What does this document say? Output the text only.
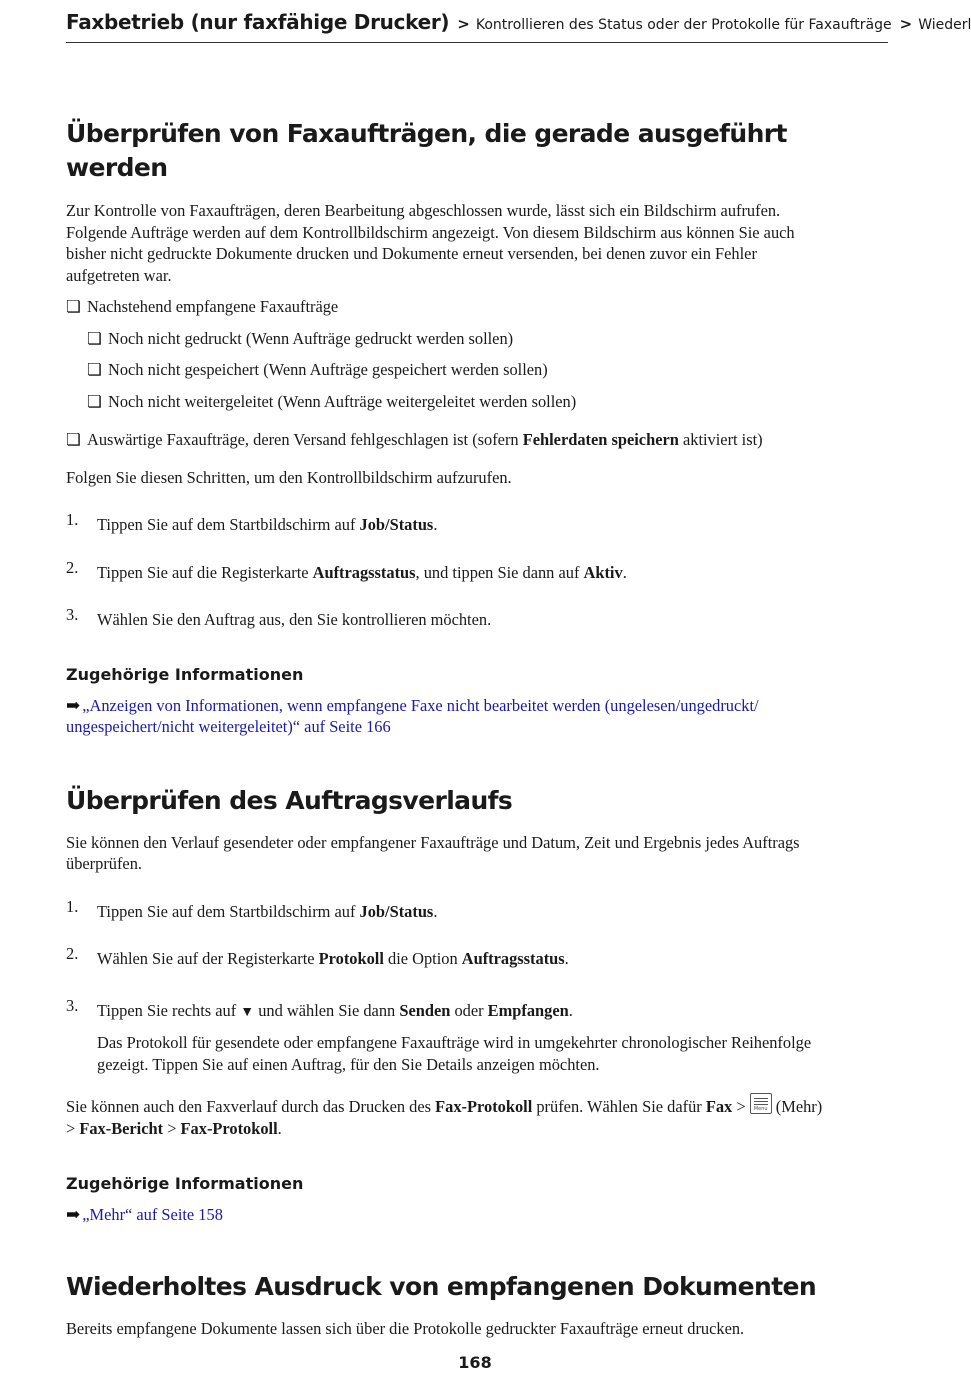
Faxbetrieb (nur faxfähige Drucker) > Kontrollieren des Status oder der Protokolle für Faxaufträge > Wiederl
Überprüfen von Faxaufträgen, die gerade ausgeführt werden

Zur Kontrolle von Faxaufträgen, deren Bearbeitung abgeschlossen wurde, lässt sich ein Bildschirm aufrufen.
Folgende Aufträge werden auf dem Kontrollbildschirm angezeigt. Von diesem Bildschirm aus können Sie auch
bisher nicht gedruckte Dokumente drucken und Dokumente erneut versenden, bei denen zuvor ein Fehler
aufgetreten war.

❏ Nachstehend empfangene Faxaufträge
❏ Noch nicht gedruckt (Wenn Aufträge gedruckt werden sollen)
❏ Noch nicht gespeichert (Wenn Aufträge gespeichert werden sollen)
❏ Noch nicht weitergeleitet (Wenn Aufträge weitergeleitet werden sollen)
❏ Auswärtige Faxaufträge, deren Versand fehlgeschlagen ist (sofern Fehlerdaten speichern aktiviert ist)

Folgen Sie diesen Schritten, um den Kontrollbildschirm aufzurufen.

1. Tippen Sie auf dem Startbildschirm auf Job/Status.
2. Tippen Sie auf die Registerkarte Auftragsstatus, und tippen Sie dann auf Aktiv.
3. Wählen Sie den Auftrag aus, den Sie kontrollieren möchten.
Zugehörige Informationen
➡ „Anzeigen von Informationen, wenn empfangene Faxe nicht bearbeitet werden (ungelesen/ungedruckt/
ungespeichert/nicht weitergeleitet)“ auf Seite 166
Überprüfen des Auftragsverlaufs

Sie können den Verlauf gesendeter oder empfangener Faxaufträge und Datum, Zeit und Ergebnis jedes Auftrags
überprüfen.

1. Tippen Sie auf dem Startbildschirm auf Job/Status.
2. Wählen Sie auf der Registerkarte Protokoll die Option Auftragsstatus.
3. Tippen Sie rechts auf ▼ und wählen Sie dann Senden oder Empfangen.

Das Protokoll für gesendete oder empfangene Faxaufträge wird in umgekehrter chronologischer Reihenfolge
gezeigt. Tippen Sie auf einen Auftrag, für den Sie Details anzeigen möchten.

Sie können auch den Faxverlauf durch das Drucken des Fax-Protokoll prüfen. Wählen Sie dafür Fax > Menu (Mehr)
> Fax-Bericht > Fax-Protokoll.

Zugehörige Informationen
➡ „Mehr“ auf Seite 158
Wiederholtes Ausdruck von empfangenen Dokumenten

Bereits empfangene Dokumente lassen sich über die Protokolle gedruckter Faxaufträge erneut drucken.

168
